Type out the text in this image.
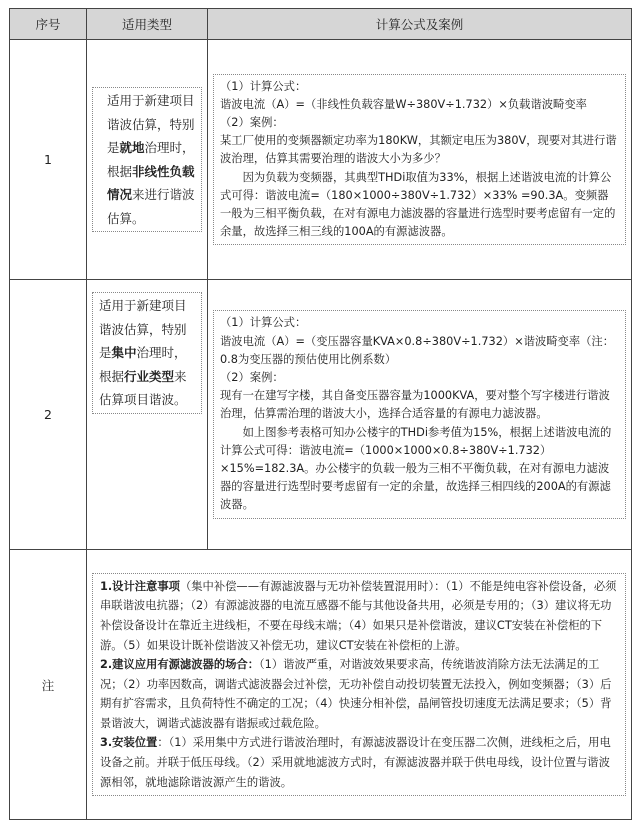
序号	适用类型	计算公式及案例
1	适用于新建项目谐波估算，特别是就地治理时，根据非线性负载情况来进行谐波估算。	（1）计算公式：

谐波电流（A）=（非线性负载容量W÷380V÷1.732）×负载谐波畸变率

（2）案例：

某工厂使用的变频器额定功率为180KW，其额定电压为380V，现要对其进行谐波治理，估算其需要治理的谐波大小为多少？

因为负载为变频器，其典型THDi取值为33%，根据上述谐波电流的计算公式可得：谐波电流=（180×1000÷380V÷1.732）×33% =90.3A。变频器一般为三相平衡负载，在对有源电力滤波器的容量进行选型时要考虑留有一定的余量，故选择三相三线的100A的有源滤波器。

2	适用于新建项目谐波估算，特别是集中治理时，根据行业类型来估算项目谐波。	（1）计算公式：

谐波电流（A）=（变压器容量KVA×0.8÷380V÷1.732）×谐波畸变率（注：0.8为变压器的预估使用比例系数）

（2）案例：

现有一在建写字楼，其自备变压器容量为1000KVA，要对整个写字楼进行谐波治理，估算需治理的谐波大小，选择合适容量的有源电力滤波器。

如上图参考表格可知办公楼宇的THDi参考值为15%，根据上述谐波电流的计算公式可得：谐波电流=（1000×1000×0.8÷380V÷1.732）×15%=182.3A。办公楼宇的负载一般为三相不平衡负载，在对有源电力滤波器的容量进行选型时要考虑留有一定的余量，故选择三相四线的200A的有源滤波器。

注	1.设计注意事项（集中补偿——有源滤波器与无功补偿装置混用时）：（1）不能是纯电容补偿设备，必须串联谐波电抗器；（2）有源滤波器的电流互感器不能与其他设备共用，必须是专用的；（3）建议将无功补偿设备设计在靠近主进线柜，不要在母线末端；（4）如果只是补偿谐波，建议CT安装在补偿柜的下游。（5）如果设计既补偿谐波又补偿无功，建议CT安装在补偿柜的上游。

2.建议应用有源滤波器的场合：（1）谐波严重，对谐波效果要求高，传统谐波消除方法无法满足的工况；（2）功率因数高，调谐式滤波器会过补偿，无功补偿自动投切装置无法投入，例如变频器；（3）后期有扩容需求，且负荷特性不确定的工况；（4）快速分相补偿，晶闸管投切速度无法满足要求；（5）背景谐波大，调谐式滤波器有谐振或过载危险。

3.安装位置：（1）采用集中方式进行谐波治理时，有源滤波器设计在变压器二次侧，进线柜之后，用电设备之前。并联于低压母线。（2）采用就地滤波方式时，有源滤波器并联于供电母线，设计位置与谐波源相邻，就地滤除谐波源产生的谐波。	
